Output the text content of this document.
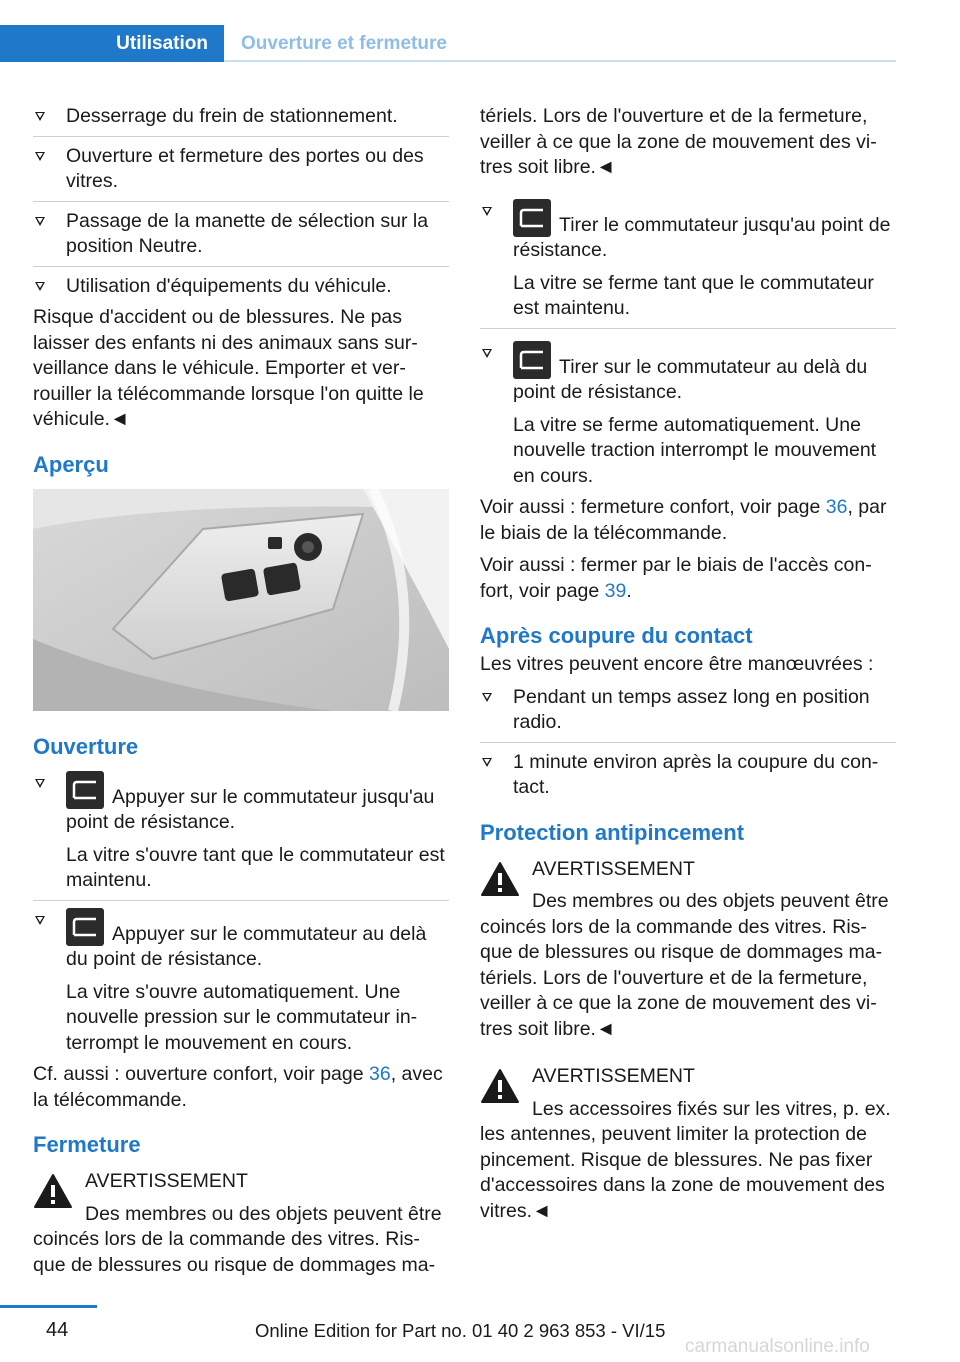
Utilisation	Ouverture et fermeture
Desserrage du frein de stationnement.
Ouverture et fermeture des portes ou des vitres.
Passage de la manette de sélection sur la position Neutre.
Utilisation d'équipements du véhicule.

Risque d'accident ou de blessures. Ne pas laisser des enfants ni des animaux sans sur-veillance dans le véhicule. Emporter et ver-rouiller la télécommande lorsque l'on quitte le véhicule.◄

Aperçu
Ouverture

Appuyer sur le commutateur jusqu'au point de résistance.

La vitre s'ouvre tant que le commutateur est maintenu.

Appuyer sur le commutateur au delà du point de résistance.

La vitre s'ouvre automatiquement. Une nouvelle pression sur le commutateur in-terrompt le mouvement en cours.

Cf. aussi : ouverture confort, voir page 36, avec la télécommande.

Fermeture
AVERTISSEMENT
Des membres ou des objets peuvent être coincés lors de la commande des vitres. Ris-que de blessures ou risque de dommages ma-

tériels. Lors de l'ouverture et de la fermeture, veiller à ce que la zone de mouvement des vi-tres soit libre.◄

Tirer le commutateur jusqu'au point de résistance.

La vitre se ferme tant que le commutateur est maintenu.

Tirer sur le commutateur au delà du point de résistance.

La vitre se ferme automatiquement. Une nouvelle traction interrompt le mouvement en cours.

Voir aussi : fermeture confort, voir page 36, par le biais de la télécommande.

Voir aussi : fermer par le biais de l'accès con-fort, voir page 39.

Après coupure du contact

Les vitres peuvent encore être manœuvrées :

Pendant un temps assez long en position radio.
1 minute environ après la coupure du con-tact.
Protection antipincement
AVERTISSEMENT
Des membres ou des objets peuvent être coincés lors de la commande des vitres. Ris-que de blessures ou risque de dommages ma-tériels. Lors de l'ouverture et de la fermeture, veiller à ce que la zone de mouvement des vi-tres soit libre.◄
AVERTISSEMENT
Les accessoires fixés sur les vitres, p. ex. les antennes, peuvent limiter la protection de pincement. Risque de blessures. Ne pas fixer d'accessoires dans la zone de mouvement des vitres.◄
44	Online Edition for Part no. 01 40 2 963 853 - VI/15
carmanualsonline.info
